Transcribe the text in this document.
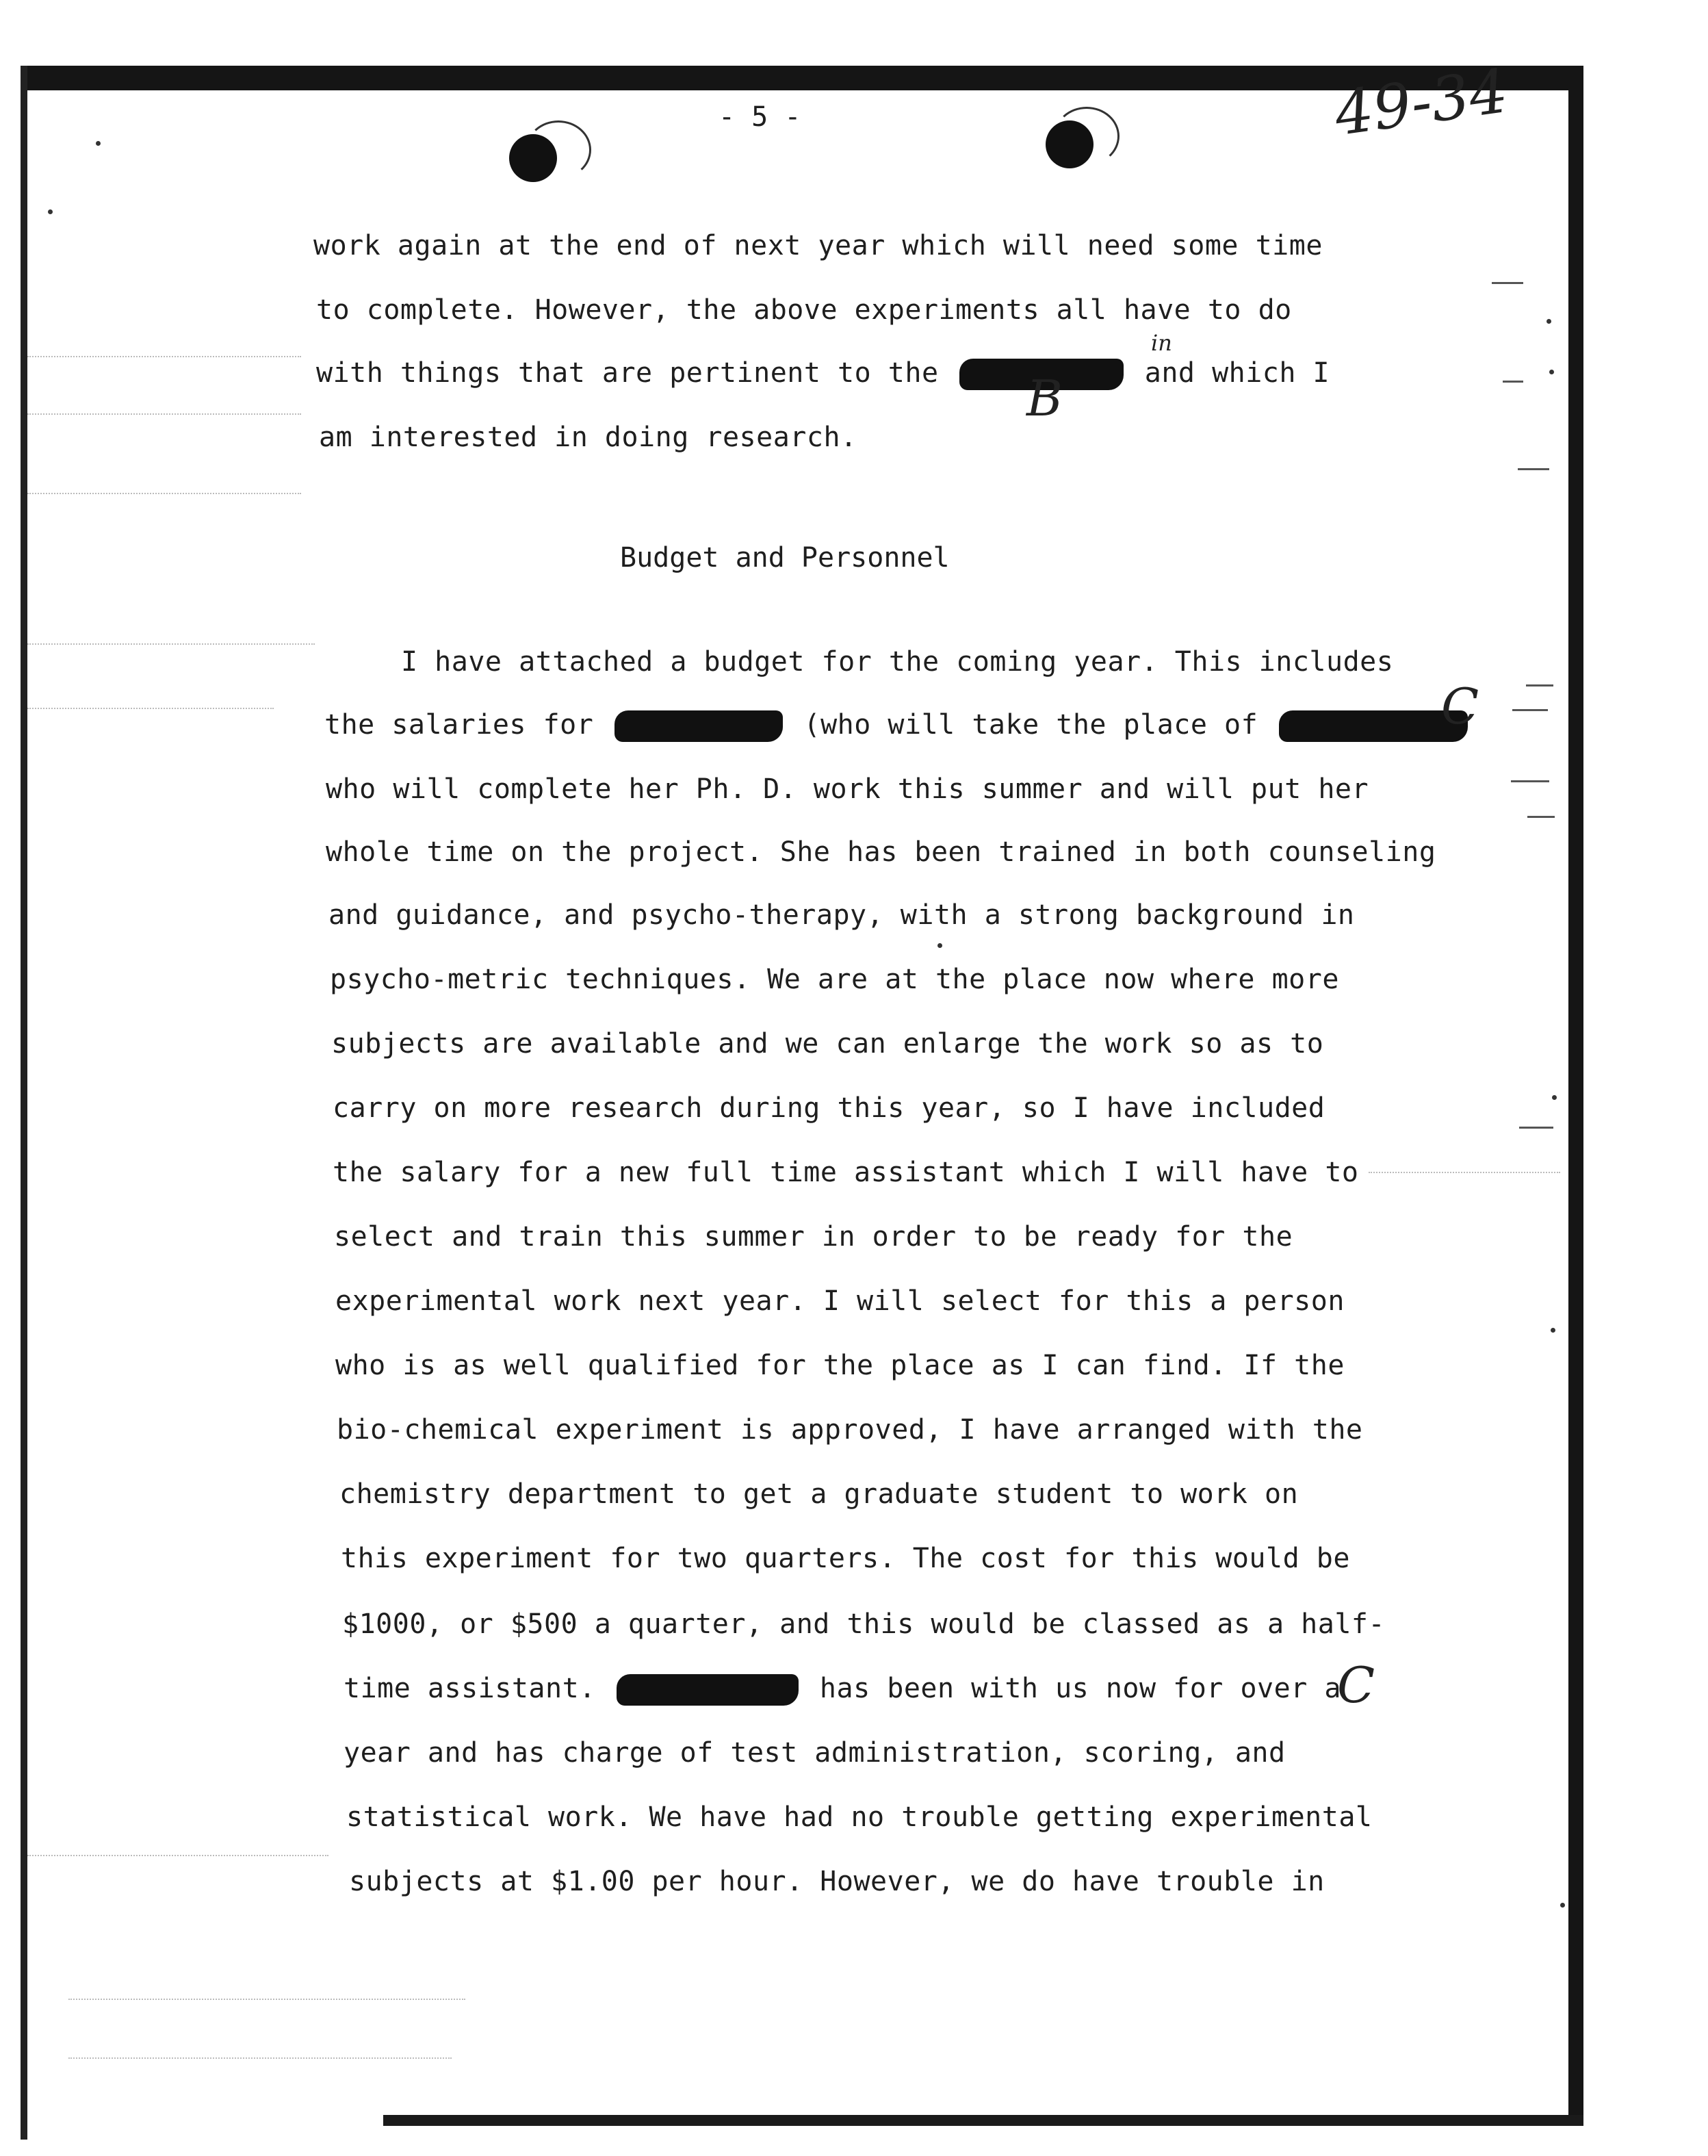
- 5 -	49-34
work again at the end of next year which will need some time
to complete. However, the above experiments all have to do
with things that are pertinent to the	and which I
in
B
am interested in doing research.
Budget and Personnel
I have attached a budget for the coming year. This includes
the salaries for	(who will take the place of	C
who will complete her Ph. D. work this summer and will put her
whole time on the project. She has been trained in both counseling
and guidance, and psycho-therapy, with a strong background in
psycho-metric techniques. We are at the place now where more
subjects are available and we can enlarge the work so as to
carry on more research during this year, so I have included
the salary for a new full time assistant which I will have to
select and train this summer in order to be ready for the
experimental work next year. I will select for this a person
who is as well qualified for the place as I can find. If the
bio-chemical experiment is approved, I have arranged with the
chemistry department to get a graduate student to work on
this experiment for two quarters. The cost for this would be
$1000, or $500 a quarter, and this would be classed as a half-
time assistant.	has been with us now for over a
C
year and has charge of test administration, scoring, and
statistical work. We have had no trouble getting experimental
subjects at $1.00 per hour. However, we do have trouble in
